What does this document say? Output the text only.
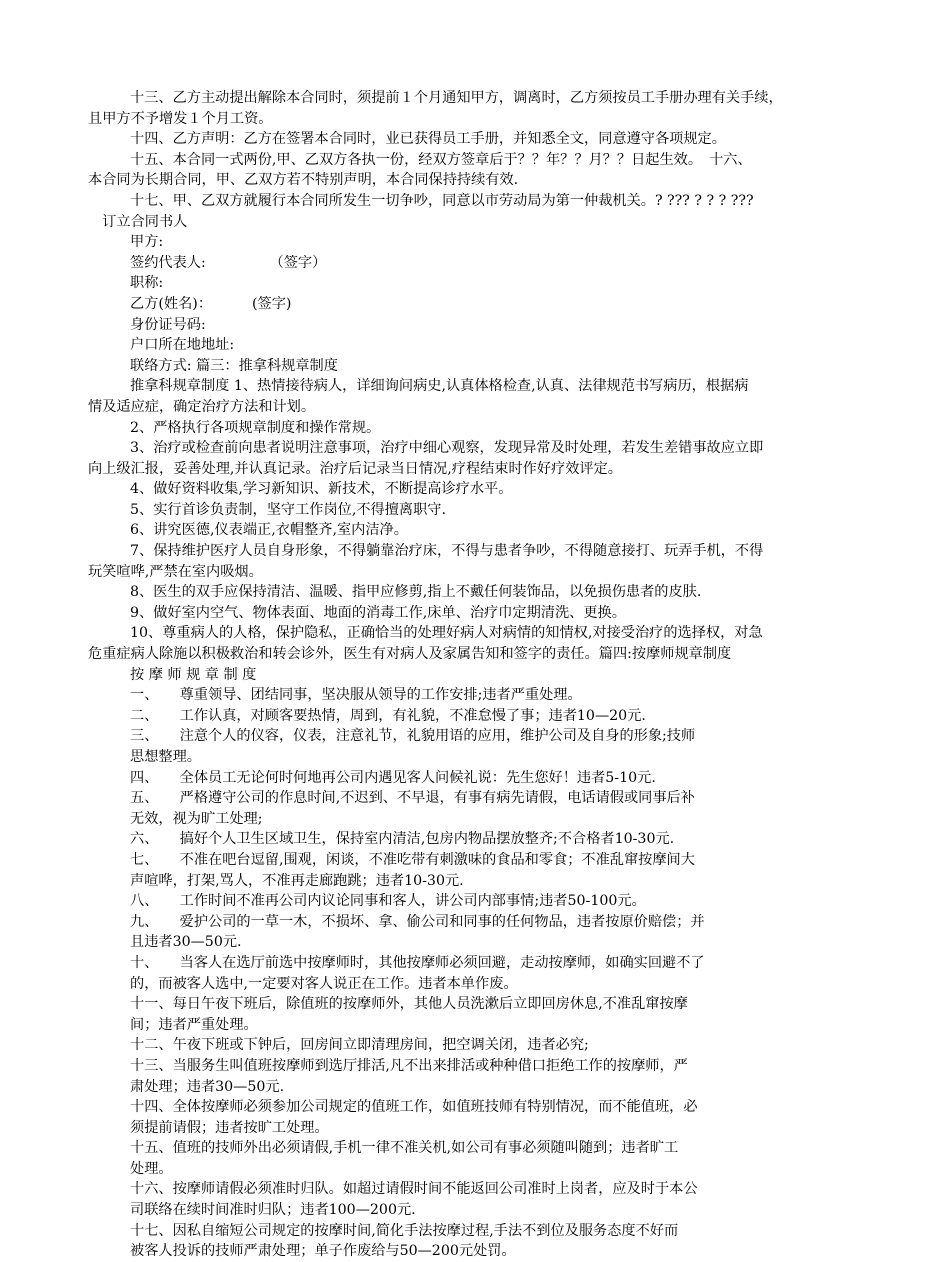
十三、乙方主动提出解除本合同时，须提前１个月通知甲方，调离时，乙方须按员工手册办理有关手续，
且甲方不予增发１个月工资。
十四、乙方声明：乙方在签署本合同时，业已获得员工手册，并知悉全文，同意遵守各项规定。
十五、本合同一式两份,甲、乙双方各执一份，经双方签章后于？？年？？月？？日起生效。　十六、
本合同为长期合同，甲、乙双方若不特别声明，本合同保持持续有效.
十七、甲、乙双方就履行本合同所发生一切争吵，同意以市劳动局为第一仲裁机关。? ??? ? ? ? ???
　订立合同书人
甲方:
签约代表人:　　　　　（签字）
职称:
乙方(姓名)：　　　 (签字)
身份证号码:
户口所在地地址:
联络方式: 篇三：推拿科规章制度
推拿科规章制度 1、热情接待病人，详细询问病史,认真体格检查,认真、法律规范书写病历，根据病
情及适应症，确定治疗方法和计划。
2、严格执行各项规章制度和操作常规。
3、治疗或检查前向患者说明注意事项，治疗中细心观察，发现异常及时处理，若发生差错事故应立即
向上级汇报，妥善处理,并认真记录。治疗后记录当日情况,疗程结束时作好疗效评定。
4、做好资料收集,学习新知识、新技术，不断提高诊疗水平。
5、实行首诊负责制，坚守工作岗位,不得擅离职守.
6、讲究医德,仪表端正,衣帽整齐,室内洁净。
7、保持维护医疗人员自身形象，不得躺靠治疗床，不得与患者争吵，不得随意接打、玩弄手机，不得
玩笑喧哗,严禁在室内吸烟。
8、医生的双手应保持清洁、温暖、指甲应修剪,指上不戴任何装饰品，以免损伤患者的皮肤.
9、做好室内空气、物体表面、地面的消毒工作,床单、治疗巾定期清洗、更换。
10、尊重病人的人格，保护隐私，正确恰当的处理好病人对病情的知情权,对接受治疗的选择权，对急
危重症病人除施以积极救治和转会诊外，医生有对病人及家属告知和签字的责任。篇四:按摩师规章制度
按 摩 师 规 章 制 度
一、　　尊重领导、团结同事，坚决服从领导的工作安排;违者严重处理。
二、　　工作认真，对顾客要热情，周到，有礼貌，不准怠慢了事；违者10—20元.
三、　　注意个人的仪容，仪表，注意礼节，礼貌用语的应用，维护公司及自身的形象;技师
思想整理。
四、　　全体员工无论何时何地再公司内遇见客人问候礼说：先生您好！违者5-10元.
五、　　严格遵守公司的作息时间,不迟到、不早退，有事有病先请假，电话请假或同事后补
无效，视为旷工处理;
六、　　搞好个人卫生区域卫生，保持室内清洁,包房内物品摆放整齐;不合格者10-30元.
七、　　不准在吧台逗留,围观，闲谈，不准吃带有刺激味的食品和零食；不准乱窜按摩间大
声喧哗，打架,骂人，不准再走廊跑跳；违者10-30元.
八、　　工作时间不准再公司内议论同事和客人，讲公司内部事情;违者50-100元。
九、　　爱护公司的一草一木，不损坏、拿、偷公司和同事的任何物品，违者按原价赔偿；并
且违者30—50元.
十、　　当客人在选厅前选中按摩师时，其他按摩师必须回避，走动按摩师，如确实回避不了
的，而被客人选中,一定要对客人说正在工作。违者本单作废。
十一、每日午夜下班后，除值班的按摩师外，其他人员洗漱后立即回房休息,不准乱窜按摩
间；违者严重处理。
十二、午夜下班或下钟后，回房间立即清理房间，把空调关闭，违者必究;
十三、当服务生叫值班按摩师到选厅排活,凡不出来排活或种种借口拒绝工作的按摩师，严
肃处理；违者30—50元.
十四、全体按摩师必须参加公司规定的值班工作，如值班技师有特别情况，而不能值班，必
须提前请假；违者按旷工处理。
十五、值班的技师外出必须请假,手机一律不准关机,如公司有事必须随叫随到；违者旷工
处理。
十六、按摩师请假必须准时归队。如超过请假时间不能返回公司准时上岗者，应及时于本公
司联络在续时间准时归队；违者100—200元.
十七、因私自缩短公司规定的按摩时间,简化手法按摩过程,手法不到位及服务态度不好而
被客人投诉的技师严肃处理；单子作废给与50—200元处罚。
